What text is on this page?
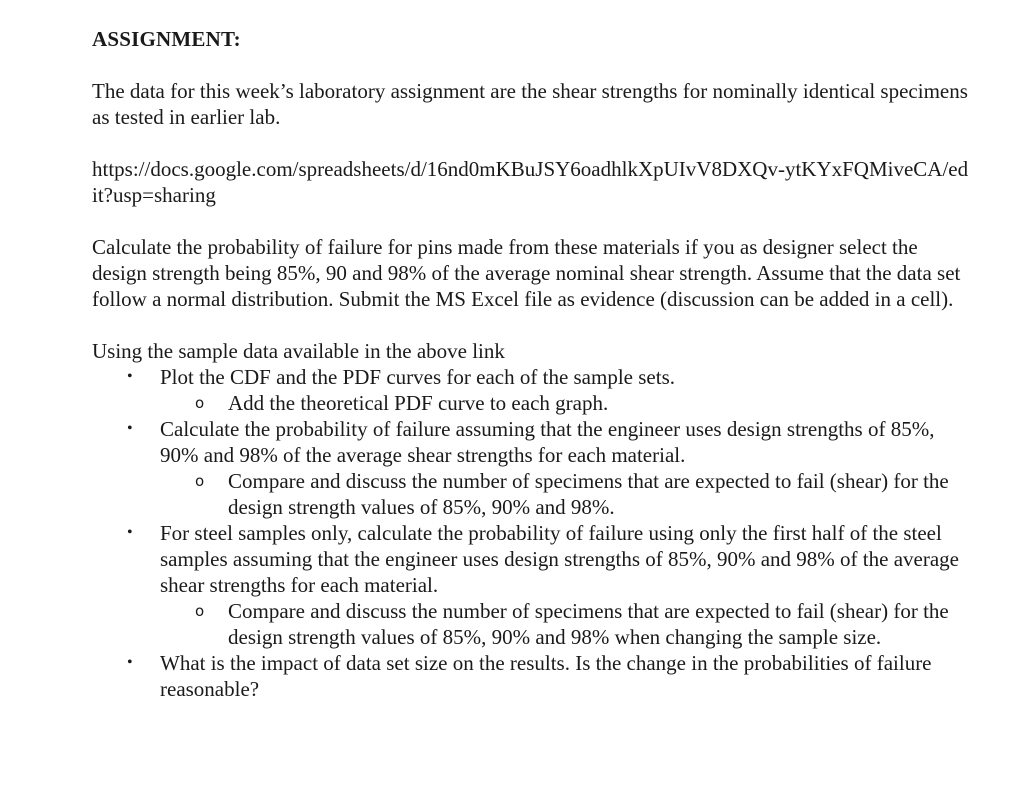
ASSIGNMENT:

The data for this week’s laboratory assignment are the shear strengths for nominally identical specimens as tested in earlier lab.

https://docs.google.com/spreadsheets/d/16nd0mKBuJSY6oadhlkXpUIvV8DXQv-ytKYxFQMiveCA/edit?usp=sharing

Calculate the probability of failure for pins made from these materials if you as designer select the design strength being 85%, 90 and 98% of the average nominal shear strength. Assume that the data set follow a normal distribution. Submit the MS Excel file as evidence (discussion can be added in a cell).

Using the sample data available in the above link

• Plot the CDF and the PDF curves for each of the sample sets.
o Add the theoretical PDF curve to each graph.
• Calculate the probability of failure assuming that the engineer uses design strengths of 85%, 90% and 98% of the average shear strengths for each material.
o Compare and discuss the number of specimens that are expected to fail (shear) for the design strength values of 85%, 90% and 98%.
• For steel samples only, calculate the probability of failure using only the first half of the steel samples assuming that the engineer uses design strengths of 85%, 90% and 98% of the average shear strengths for each material.
o Compare and discuss the number of specimens that are expected to fail (shear) for the design strength values of 85%, 90% and 98% when changing the sample size.
• What is the impact of data set size on the results. Is the change in the probabilities of failure reasonable?
